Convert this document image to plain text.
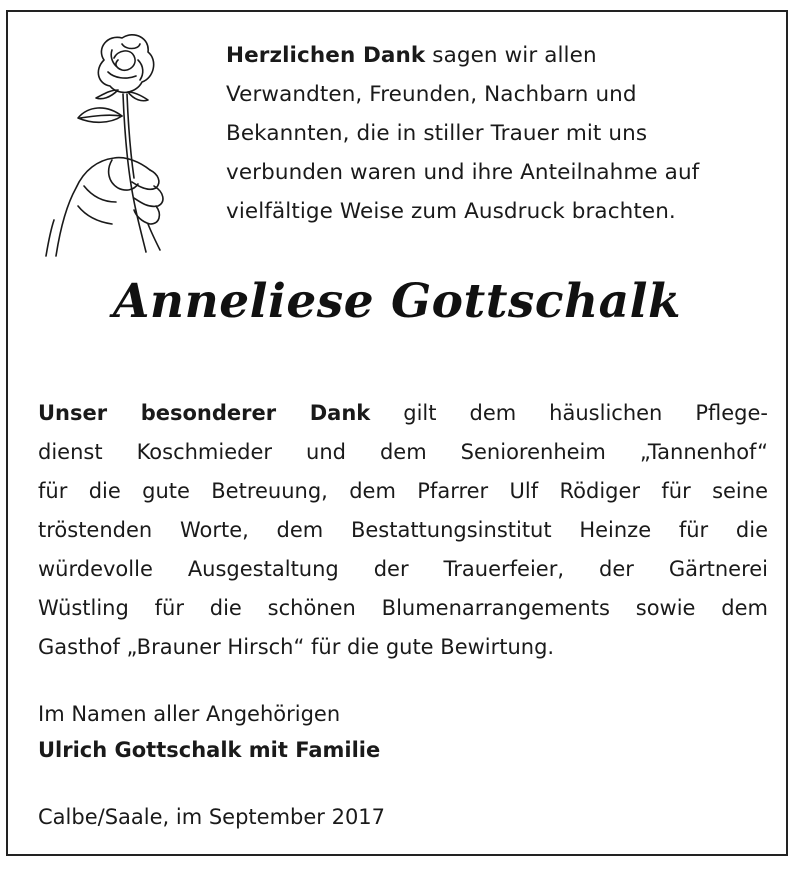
Herzlichen Dank sagen wir allen
Verwandten, Freunden, Nachbarn und
Bekannten, die in stiller Trauer mit uns
verbunden waren und ihre Anteilnahme auf
vielfältige Weise zum Ausdruck brachten.
Anneliese Gottschalk
Unser besonderer Dank gilt dem häuslichen Pflege-
dienst Koschmieder und dem Seniorenheim „Tannenhof“
für die gute Betreuung, dem Pfarrer Ulf Rödiger für seine
tröstenden Worte, dem Bestattungsinstitut Heinze für die
würdevolle Ausgestaltung der Trauerfeier, der Gärtnerei
Wüstling für die schönen Blumenarrangements sowie dem
Gasthof „Brauner Hirsch“ für die gute Bewirtung.
Im Namen aller Angehörigen
Ulrich Gottschalk mit Familie
Calbe/Saale, im September 2017
